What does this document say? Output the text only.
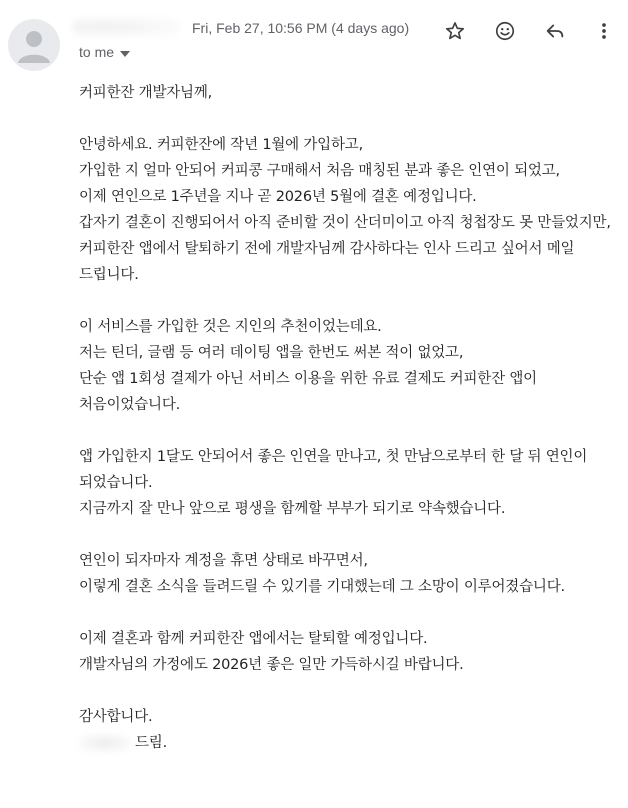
Fri, Feb 27, 10:56 PM (4 days ago)
to me

커피한잔 개발자님께,

안녕하세요. 커피한잔에 작년 1월에 가입하고,
가입한 지 얼마 안되어 커피콩 구매해서 처음 매칭된 분과 좋은 인연이 되었고,
이제 연인으로 1주년을 지나 곧 2026년 5월에 결혼 예정입니다.
갑자기 결혼이 진행되어서 아직 준비할 것이 산더미이고 아직 청첩장도 못 만들었지만,
커피한잔 앱에서 탈퇴하기 전에 개발자님께 감사하다는 인사 드리고 싶어서 메일 드립니다.

이 서비스를 가입한 것은 지인의 추천이었는데요.
저는 틴더, 글램 등 여러 데이팅 앱을 한번도 써본 적이 없었고,
단순 앱 1회성 결제가 아닌 서비스 이용을 위한 유료 결제도 커피한잔 앱이 처음이었습니다.

앱 가입한지 1달도 안되어서 좋은 인연을 만나고, 첫 만남으로부터 한 달 뒤 연인이 되었습니다.
지금까지 잘 만나 앞으로 평생을 함께할 부부가 되기로 약속했습니다.

연인이 되자마자 계정을 휴면 상태로 바꾸면서,
이렇게 결혼 소식을 들려드릴 수 있기를 기대했는데 그 소망이 이루어졌습니다.

이제 결혼과 함께 커피한잔 앱에서는 탈퇴할 예정입니다.
개발자님의 가정에도 2026년 좋은 일만 가득하시길 바랍니다.

감사합니다.
드림.
